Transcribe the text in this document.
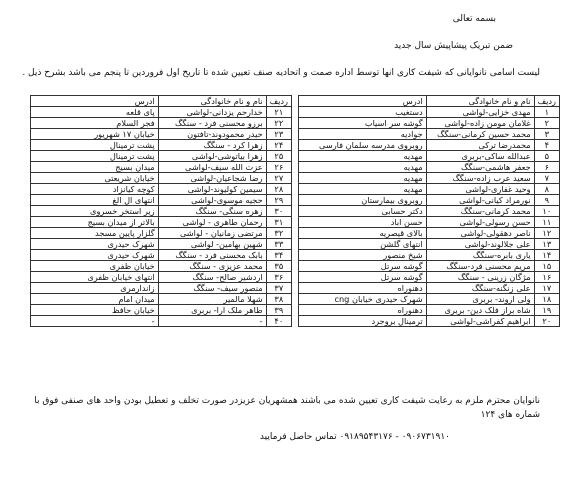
بسمه تعالی
ضمن تبریک پیشاپیش سال جدید
لیست اسامی نانوایانی که شیفت کاری انها توسط اداره صمت و اتحادیه صنف تعیین شده تا تاریخ اول فروردین تا پنجم می باشد بشرح ذیل .
ردیف	نام و نام خانوادگی	ادرس
۱	مهدی خزایی-لواشی	دستغیب
۲	غلامان مومن زاده-لواشی	گوشه سر اسیاب
۳	محمد حسین کرمانی-سنگگ	جوادیه
۴	محمدرضا ترکی	روبروی مدرسه سلمان فارسی
۵	عبدالله ساکی-بربری	مهدیه
۶	جعفر هاشمی-سنگگ	مهدیه
۷	سعید عرب زاده-سنگگ	مهدیه
۸	وحید غفاری-لواشی	مهدیه
۹	نورمراد کیانی-لواشی	روبروی بیمارستان
۱۰	محمد کرمانی-سنگگ	دکتر حسابی
۱۱	حسن رسولی-لواشی	حسن اباد
۱۲	ناصر دهقولی-لواشی	بالای قیصریه
۱۳	علی جلالوند-لواشی	انتهای گلشن
۱۴	یاری بابره-سنگگ	شیخ منصور
۱۵	مریم محسنی فرد-سنگگ	گوشه سرتل
۱۶	مژگان زرینی - سنگگ	گوشه سرتل
۱۷	علی زنگنه-سنگگ	دهنوراه
۱۸	ولی اروند- بربری	شهرک حیدری خیابان cng
۱۹	شاه براز فلک دین- بربری	دهنوراه
۲۰	ابراهیم کفراشی-لواشی	ترمینال بروجرد
ردیف	نام و نام خانوادگی	ادرس
۲۱	خدارحم یزدانی-لواشی	پای قلعه
۲۲	برزو محسنی فرد - سنگگ	فجر السلام
۲۳	حیدر محمودوند-تافتون	خیابان ۱۷ شهریور
۲۴	زهرا کرد - سنگگ	پشت ترمینال
۲۵	زهرا بیاتوشی-لواشی	پشت ترمینال
۲۶	عزت الله سیف-لواشی	میدان بسیج
۲۷	رضا شجاعیان-لواشی	خیابان شریعتی
۲۸	سیمین کولیوند-لواشی	کوچه کیانزاد
۲۹	حجیه موسوی-لواشی	انتهای ال الغ
۳۰	زهره سنگی- سنگگ	زیر استخر خسروی
۳۱	رحمان طاهری - لواشی	بالاتر از میدان بسیج
۳۲	مرتضی زمانیان - لواشی	گلزار پایین مسجد
۳۳	شهین بهامین- لواشی	شهرک حیدری
۳۴	بابک محسنی فرد - سنگگ	شهرک حیدری
۳۵	محمد عزیزی - سنگگ	خیابان ظفری
۳۶	اردشیر صالح- سنگگ	انتهای خیابان ظفری
۳۷	منصور سیف- سنگگ	زاندارمری
۳۸	شهلا مالمیر	میدان امام
۳۹	طاهر ملک ارا- بربری	خیابان حافظ
۴۰	-	-
نانوایان محترم ملزم به رعایت شیفت کاری تعیین شده می باشند همشهریان عزیزدر صورت تخلف و تعطیل بودن واحد های صنفی فوق با شماره های ۱۲۴
۰۹۰۶۷۳۱۹۱۰ - ۰۹۱۸۹۵۴۳۱۷۶ تماس حاصل فرمایید
